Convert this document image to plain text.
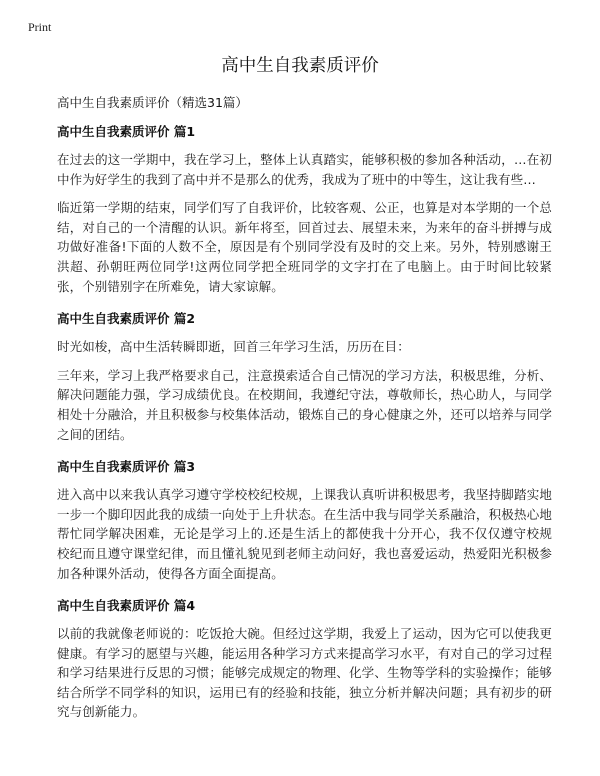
Print
高中生自我素质评价

高中生自我素质评价（精选31篇）

高中生自我素质评价 篇1

在过去的这一学期中，我在学习上，整体上认真踏实，能够积极的参加各种活动，…在初中作为好学生的我到了高中并不是那么的优秀，我成为了班中的中等生，这让我有些…

临近第一学期的结束，同学们写了自我评价，比较客观、公正，也算是对本学期的一个总结，对自己的一个清醒的认识。新年将至，回首过去、展望未来，为来年的奋斗拼搏与成功做好准备!下面的人数不全，原因是有个别同学没有及时的交上来。另外，特别感谢王洪超、孙朝旺两位同学!这两位同学把全班同学的文字打在了电脑上。由于时间比较紧张，个别错别字在所难免，请大家谅解。

高中生自我素质评价 篇2

时光如梭，高中生活转瞬即逝，回首三年学习生活，历历在目：

三年来，学习上我严格要求自己，注意摸索适合自己情况的学习方法，积极思维，分析、解决问题能力强，学习成绩优良。在校期间，我遵纪守法，尊敬师长，热心助人，与同学相处十分融洽，并且积极参与校集体活动，锻炼自己的身心健康之外，还可以培养与同学之间的团结。

高中生自我素质评价 篇3

进入高中以来我认真学习遵守学校校纪校规，上课我认真听讲积极思考，我坚持脚踏实地一步一个脚印因此我的成绩一向处于上升状态。在生活中我与同学关系融洽，积极热心地帮忙同学解决困难，无论是学习上的.还是生活上的都使我十分开心，我不仅仅遵守校规校纪而且遵守课堂纪律，而且懂礼貌见到老师主动问好，我也喜爱运动，热爱阳光积极参加各种课外活动，使得各方面全面提高。

高中生自我素质评价 篇4

以前的我就像老师说的：吃饭抢大碗。但经过这学期，我爱上了运动，因为它可以使我更健康。有学习的愿望与兴趣，能运用各种学习方式来提高学习水平，有对自己的学习过程和学习结果进行反思的习惯；能够完成规定的物理、化学、生物等学科的实验操作；能够结合所学不同学科的知识，运用已有的经验和技能，独立分析并解决问题；具有初步的研究与创新能力。
